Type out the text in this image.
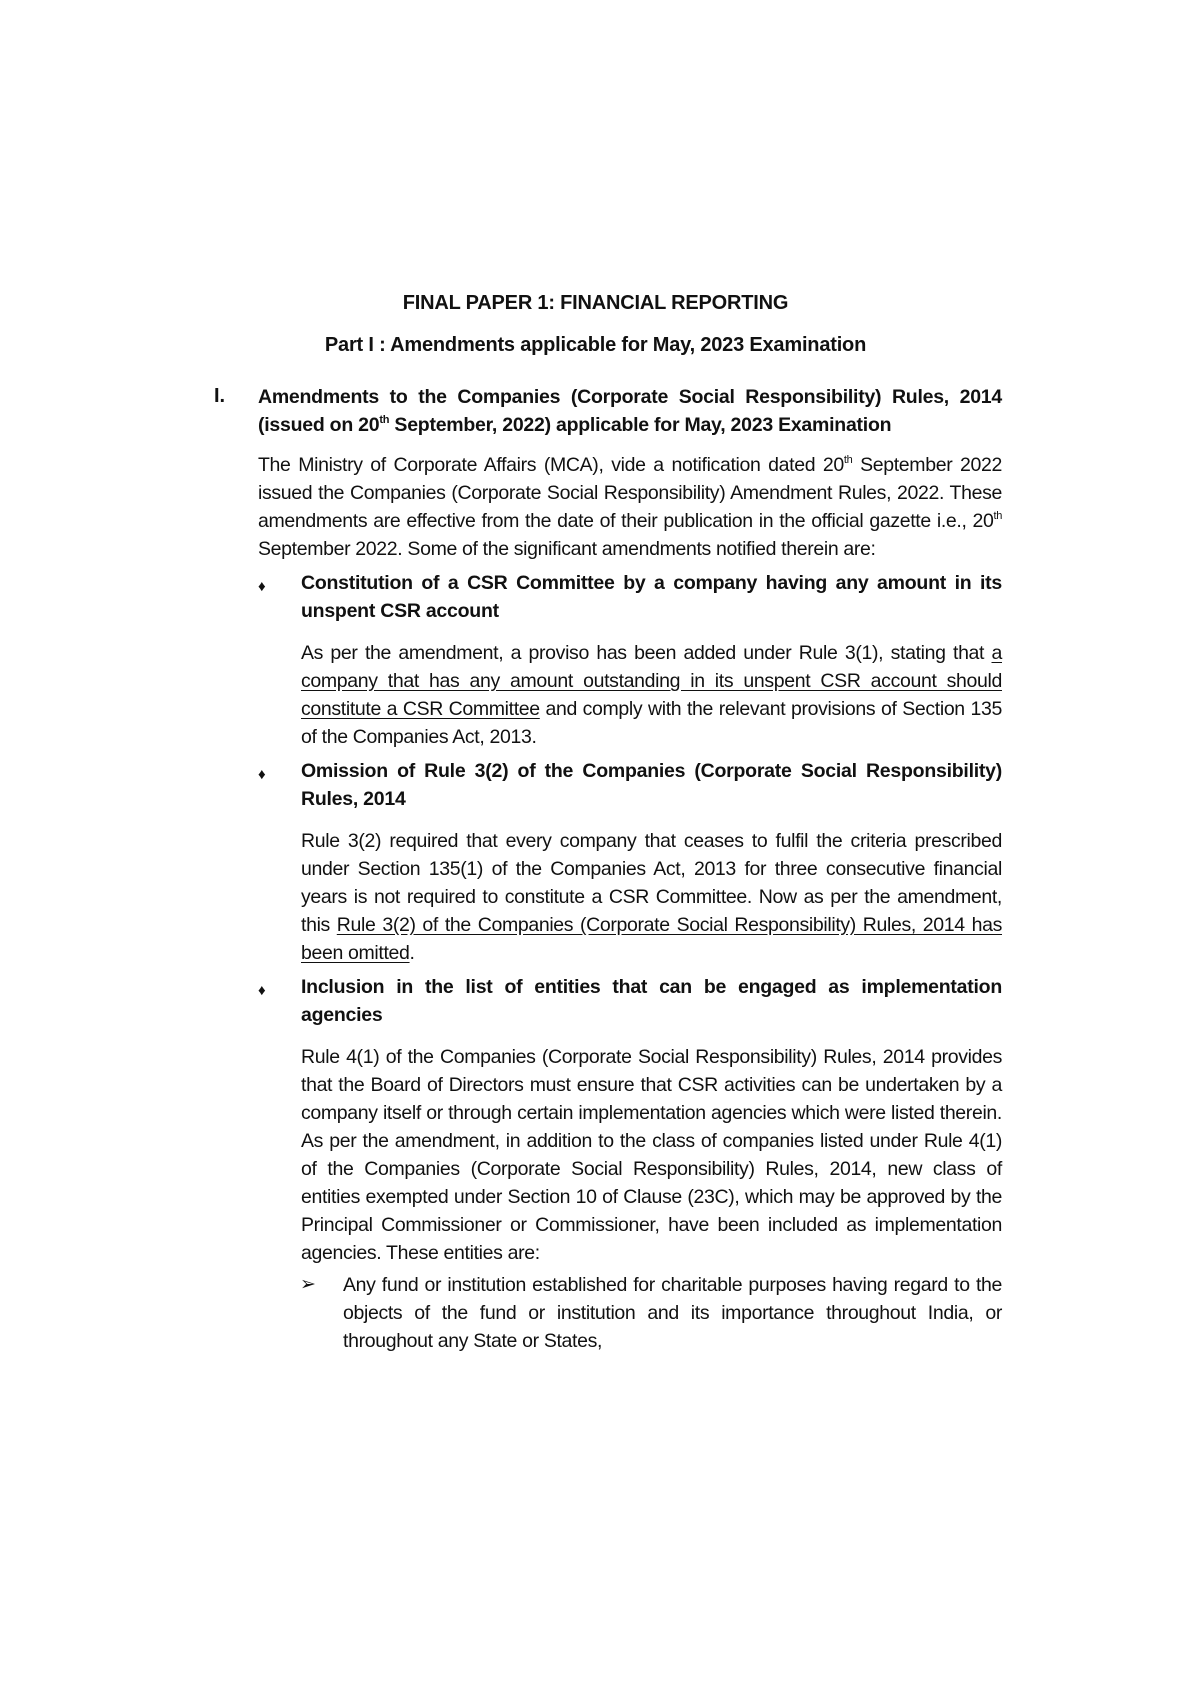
FINAL PAPER 1: FINANCIAL REPORTING
Part I : Amendments applicable for May, 2023 Examination
I. Amendments to the Companies (Corporate Social Responsibility) Rules, 2014 (issued on 20th September, 2022) applicable for May, 2023 Examination
The Ministry of Corporate Affairs (MCA), vide a notification dated 20th September 2022 issued the Companies (Corporate Social Responsibility) Amendment Rules, 2022. These amendments are effective from the date of their publication in the official gazette i.e., 20th September 2022. Some of the significant amendments notified therein are:
♦ Constitution of a CSR Committee by a company having any amount in its unspent CSR account
As per the amendment, a proviso has been added under Rule 3(1), stating that a company that has any amount outstanding in its unspent CSR account should constitute a CSR Committee and comply with the relevant provisions of Section 135 of the Companies Act, 2013.
♦ Omission of Rule 3(2) of the Companies (Corporate Social Responsibility) Rules, 2014
Rule 3(2) required that every company that ceases to fulfil the criteria prescribed under Section 135(1) of the Companies Act, 2013 for three consecutive financial years is not required to constitute a CSR Committee. Now as per the amendment, this Rule 3(2) of the Companies (Corporate Social Responsibility) Rules, 2014 has been omitted.
♦ Inclusion in the list of entities that can be engaged as implementation agencies
Rule 4(1) of the Companies (Corporate Social Responsibility) Rules, 2014 provides that the Board of Directors must ensure that CSR activities can be undertaken by a company itself or through certain implementation agencies which were listed therein. As per the amendment, in addition to the class of companies listed under Rule 4(1) of the Companies (Corporate Social Responsibility) Rules, 2014, new class of entities exempted under Section 10 of Clause (23C), which may be approved by the Principal Commissioner or Commissioner, have been included as implementation agencies. These entities are:
➢ Any fund or institution established for charitable purposes having regard to the objects of the fund or institution and its importance throughout India, or throughout any State or States,
